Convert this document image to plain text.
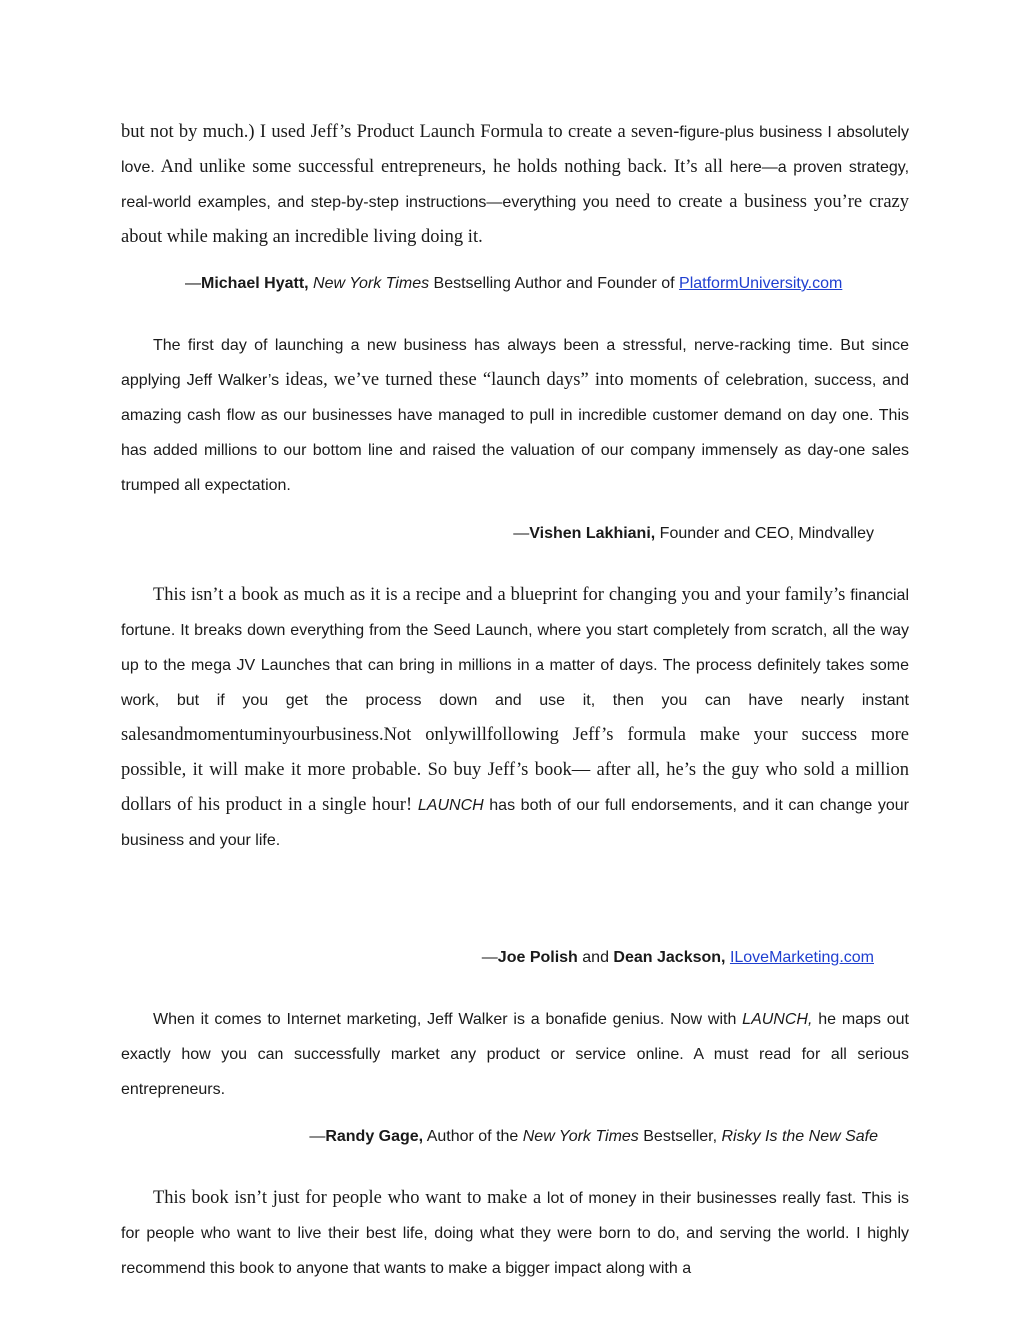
but not by much.) I used Jeff’s Product Launch Formula to create a seven-figure-plus business I absolutely love. And unlike some successful entrepreneurs, he holds nothing back. It’s all here—a proven strategy, real-world examples, and step-by-step instructions—everything you need to create a business you’re crazy about while making an incredible living doing it.

—Michael Hyatt, New York Times Bestselling Author and Founder of PlatformUniversity.com

The first day of launching a new business has always been a stressful, nerve-racking time. But since applying Jeff Walker’s ideas, we’ve turned these “launch days” into moments of celebration, success, and amazing cash flow as our businesses have managed to pull in incredible customer demand on day one. This has added millions to our bottom line and raised the valuation of our company immensely as day-one sales trumped all expectation.

—Vishen Lakhiani, Founder and CEO, Mindvalley

This isn’t a book as much as it is a recipe and a blueprint for changing you and your family’s financial fortune. It breaks down everything from the Seed Launch, where you start completely from scratch, all the way up to the mega JV Launches that can bring in millions in a matter of days. The process definitely takes some work, but if you get the process down and use it, then you can have nearly instant salesandmomentuminyourbusiness.Not onlywillfollowing Jeff’s formula make your success more possible, it will make it more probable. So buy Jeff’s book— after all, he’s the guy who sold a million dollars of his product in a single hour! LAUNCH has both of our full endorsements, and it can change your business and your life.

—Joe Polish and Dean Jackson, ILoveMarketing.com

When it comes to Internet marketing, Jeff Walker is a bonafide genius. Now with LAUNCH, he maps out exactly how you can successfully market any product or service online. A must read for all serious entrepreneurs.

—Randy Gage, Author of the New York Times Bestseller, Risky Is the New Safe

This book isn’t just for people who want to make a lot of money in their businesses really fast. This is for people who want to live their best life, doing what they were born to do, and serving the world. I highly recommend this book to anyone that wants to make a bigger impact along with a
